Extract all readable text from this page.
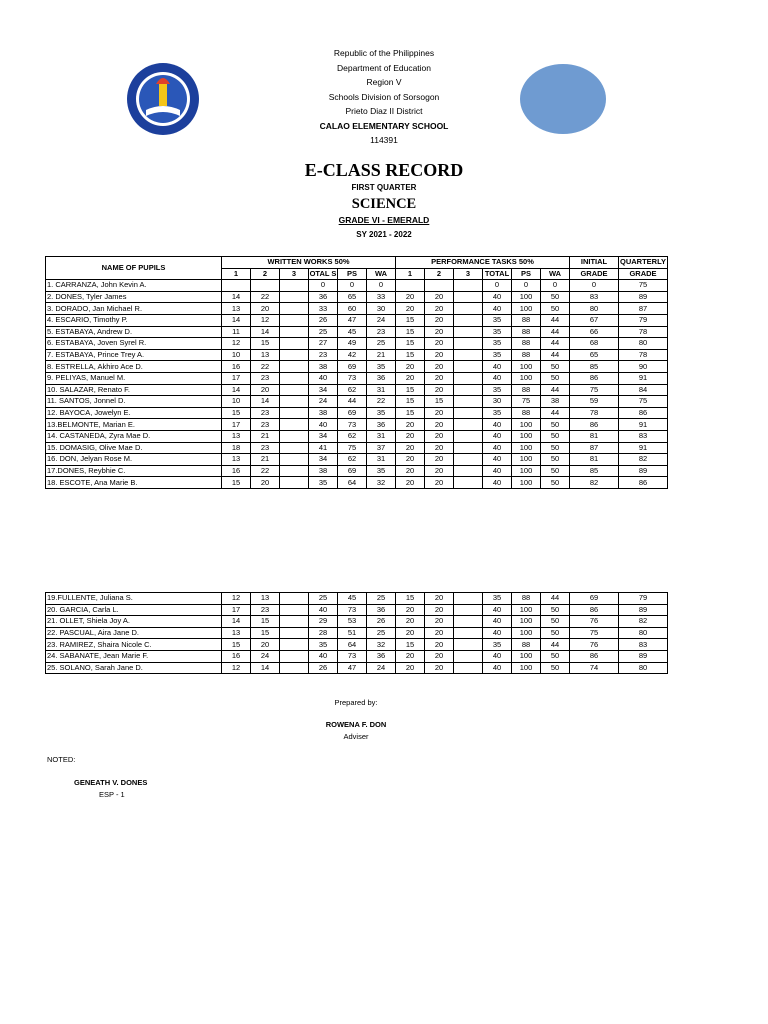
Republic of the Philippines
Department of Education
Region V
Schools Division of Sorsogon
Prieto Diaz II District
CALAO ELEMENTARY SCHOOL
114391
E-CLASS RECORD
FIRST QUARTER
SCIENCE
GRADE VI - EMERALD
SY 2021 - 2022
NAME OF PUPILS	WRITTEN WORKS 50%						PERFORMANCE TASKS 50%						INITIAL	QUARTERLY
	1	2	3	OTAL S	PS	WA	1	2	3	TOTAL	PS	WA	GRADE	GRADE
1. CARRANZA, John Kevin A.				0	0	0				0	0	0	0	75
2. DONES, Tyler James	14	22		36	65	33	20	20		40	100	50	83	89
3. DORADO, Jan Michael R.	13	20		33	60	30	20	20		40	100	50	80	87
4. ESCARIO, Timothy P.	14	12		26	47	24	15	20		35	88	44	67	79
5. ESTABAYA, Andrew D.	11	14		25	45	23	15	20		35	88	44	66	78
6. ESTABAYA, Joven Syrel R.	12	15		27	49	25	15	20		35	88	44	68	80
7. ESTABAYA, Prince Trey A.	10	13		23	42	21	15	20		35	88	44	65	78
8. ESTRELLA, Akhiro Ace D.	16	22		38	69	35	20	20		40	100	50	85	90
9. PELIYAS, Manuel M.	17	23		40	73	36	20	20		40	100	50	86	91
10. SALAZAR, Renato F.	14	20		34	62	31	15	20		35	88	44	75	84
11. SANTOS, Jonnel D.	10	14		24	44	22	15	15		30	75	38	59	75
12. BAYOCA, Jowelyn E.	15	23		38	69	35	15	20		35	88	44	78	86
13.BELMONTE, Marian E.	17	23		40	73	36	20	20		40	100	50	86	91
14. CASTANEDA, Zyra Mae D.	13	21		34	62	31	20	20		40	100	50	81	83
15. DOMASIG, Olive Mae D.	18	23		41	75	37	20	20		40	100	50	87	91
16. DON, Jelyan Rose M.	13	21		34	62	31	20	20		40	100	50	81	82
17.DONES, Reybhie C.	16	22		38	69	35	20	20		40	100	50	85	89
18. ESCOTE, Ana Marie B.	15	20		35	64	32	20	20		40	100	50	82	86
19.FULLENTE, Juliana S.	12	13		25	45	25	15	20		35	88	44	69	79
20. GARCIA, Carla L.	17	23		40	73	36	20	20		40	100	50	86	89
21. OLLET, Shiela Joy A.	14	15		29	53	26	20	20		40	100	50	76	82
22. PASCUAL, Aira Jane D.	13	15		28	51	25	20	20		40	100	50	75	80
23. RAMIREZ, Shaira Nicole C.	15	20		35	64	32	15	20		35	88	44	76	83
24. SABANATE, Jean Marie F.	16	24		40	73	36	20	20		40	100	50	86	89
25. SOLANO, Sarah Jane D.	12	14		26	47	24	20	20		40	100	50	74	80
Prepared by:
ROWENA F. DON
Adviser
NOTED:
GENEATH V. DONES
ESP - 1
